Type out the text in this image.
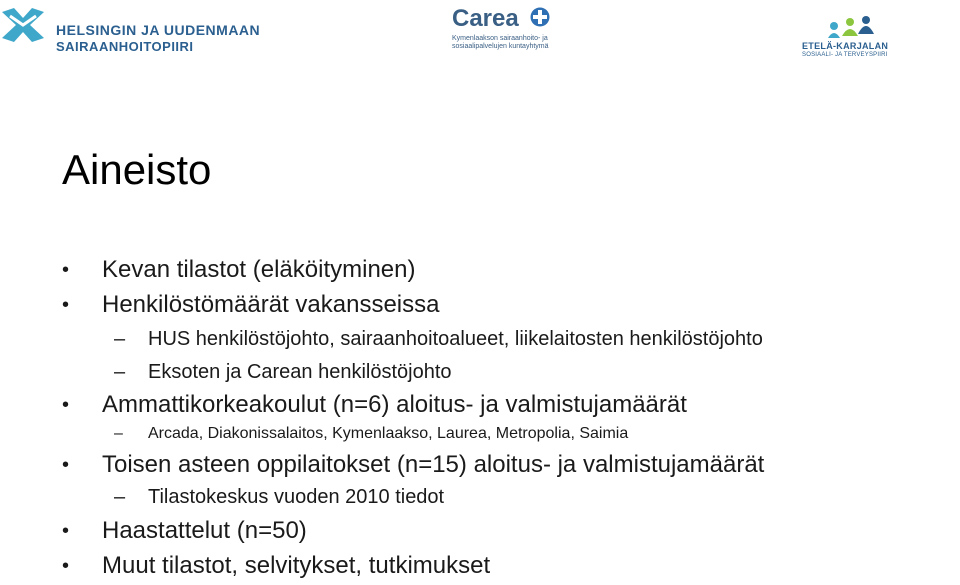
HELSINGIN JA UUDENMAAN
SAIRAANHOITOPIIRI
Carea
Kymenlaakson sairaanhoito- ja
sosiaalipalvelujen kuntayhtymä	ETELÄ-KARJALAN
SOSIAALI- JA TERVEYSPIIRI
Aineisto
• Kevan tilastot (eläköityminen)
• Henkilöstömäärät vakansseissa
– HUS henkilöstöjohto, sairaanhoitoalueet, liikelaitosten henkilöstöjohto
– Eksoten ja Carean henkilöstöjohto
• Ammattikorkeakoulut (n=6) aloitus- ja valmistujamäärät
– Arcada, Diakonissalaitos, Kymenlaakso, Laurea, Metropolia, Saimia
• Toisen asteen oppilaitokset (n=15) aloitus- ja valmistujamäärät
– Tilastokeskus vuoden 2010 tiedot
• Haastattelut (n=50)
• Muut tilastot, selvitykset, tutkimukset
